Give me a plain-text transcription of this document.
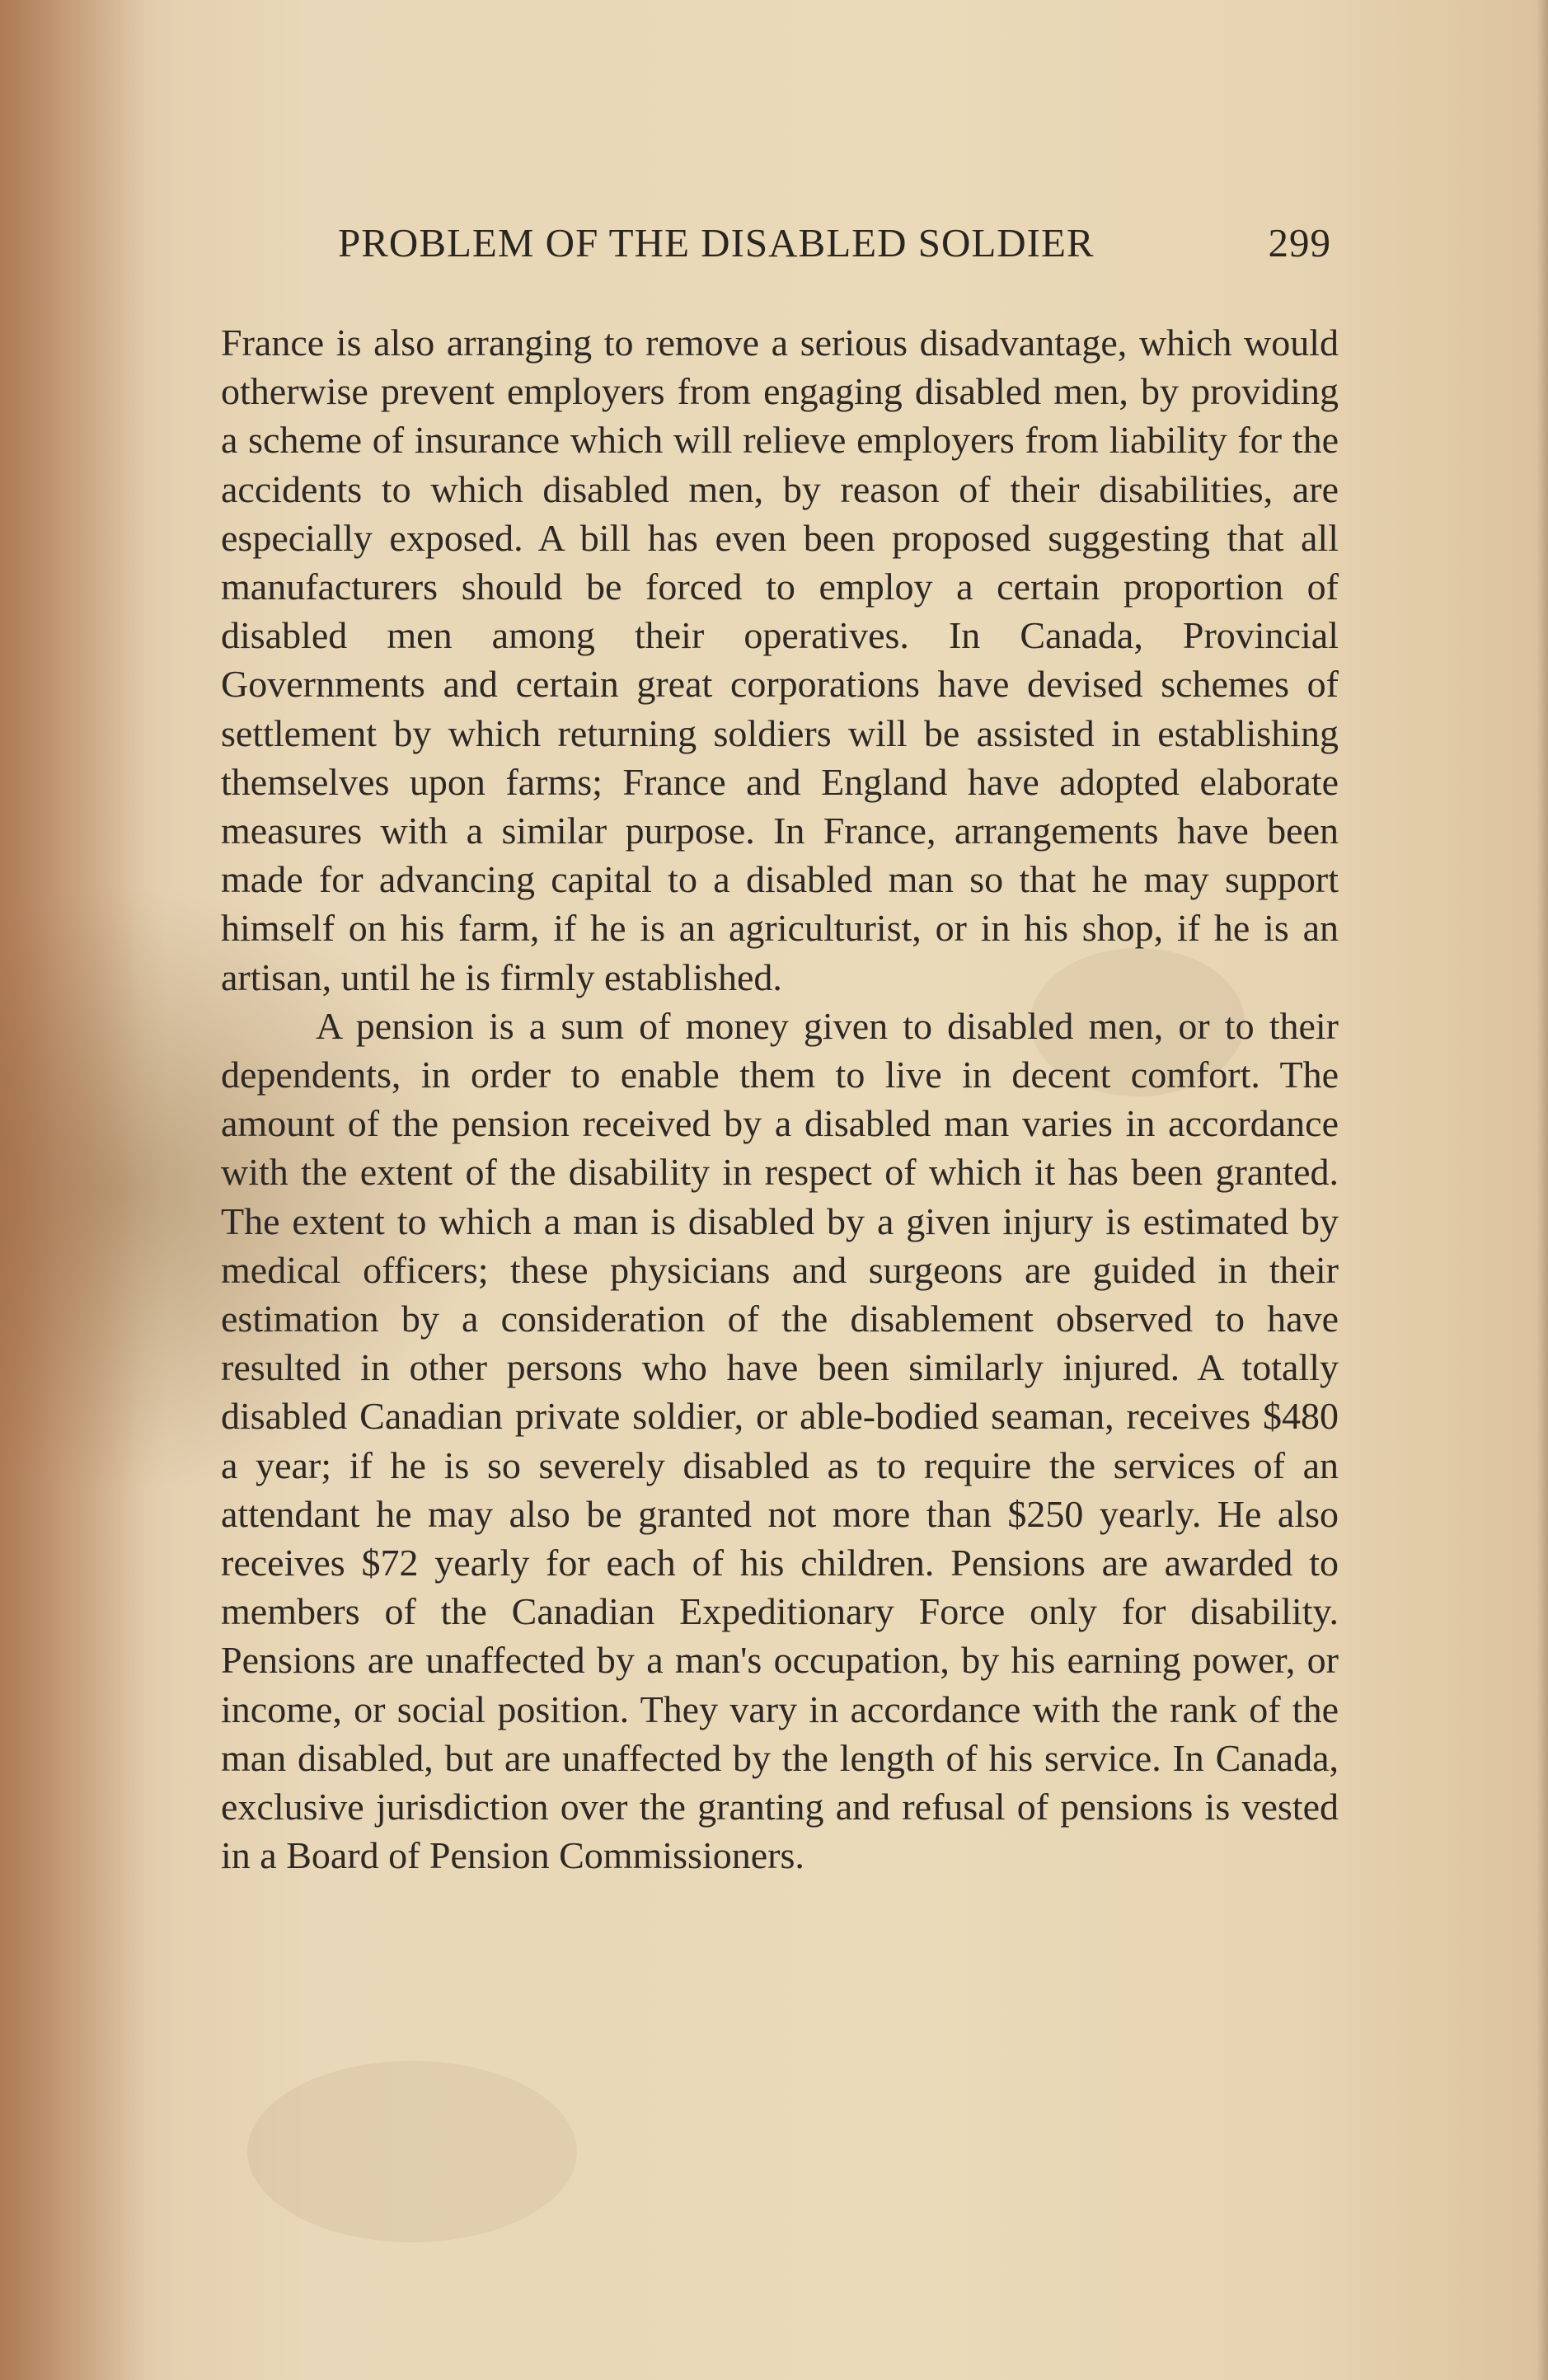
PROBLEM OF THE DISABLED SOLDIER	299

France is also arranging to remove a serious disadvantage, which would otherwise prevent employers from engaging disabled men, by providing a scheme of insurance which will relieve employers from liability for the accidents to which disabled men, by reason of their disabilities, are especially exposed. A bill has even been proposed suggesting that all manufacturers should be forced to employ a certain proportion of disabled men among their operatives. In Canada, Provincial Governments and certain great corporations have devised schemes of settlement by which returning soldiers will be assisted in establishing themselves upon farms; France and England have adopted elaborate measures with a similar purpose. In France, arrangements have been made for advancing capital to a disabled man so that he may support himself on his farm, if he is an agriculturist, or in his shop, if he is an artisan, until he is firmly established.

A pension is a sum of money given to disabled men, or to their dependents, in order to enable them to live in decent comfort. The amount of the pension received by a disabled man varies in accordance with the extent of the disability in respect of which it has been granted. The extent to which a man is disabled by a given injury is estimated by medical officers; these physicians and surgeons are guided in their estimation by a consideration of the disablement observed to have resulted in other persons who have been similarly injured. A totally disabled Canadian private soldier, or able-bodied seaman, receives $480 a year; if he is so severely disabled as to require the services of an attendant he may also be granted not more than $250 yearly. He also receives $72 yearly for each of his children. Pensions are awarded to members of the Canadian Expeditionary Force only for disability. Pensions are unaffected by a man's occupation, by his earning power, or income, or social position. They vary in accordance with the rank of the man disabled, but are unaffected by the length of his service. In Canada, exclusive jurisdiction over the granting and refusal of pensions is vested in a Board of Pension Commissioners.
